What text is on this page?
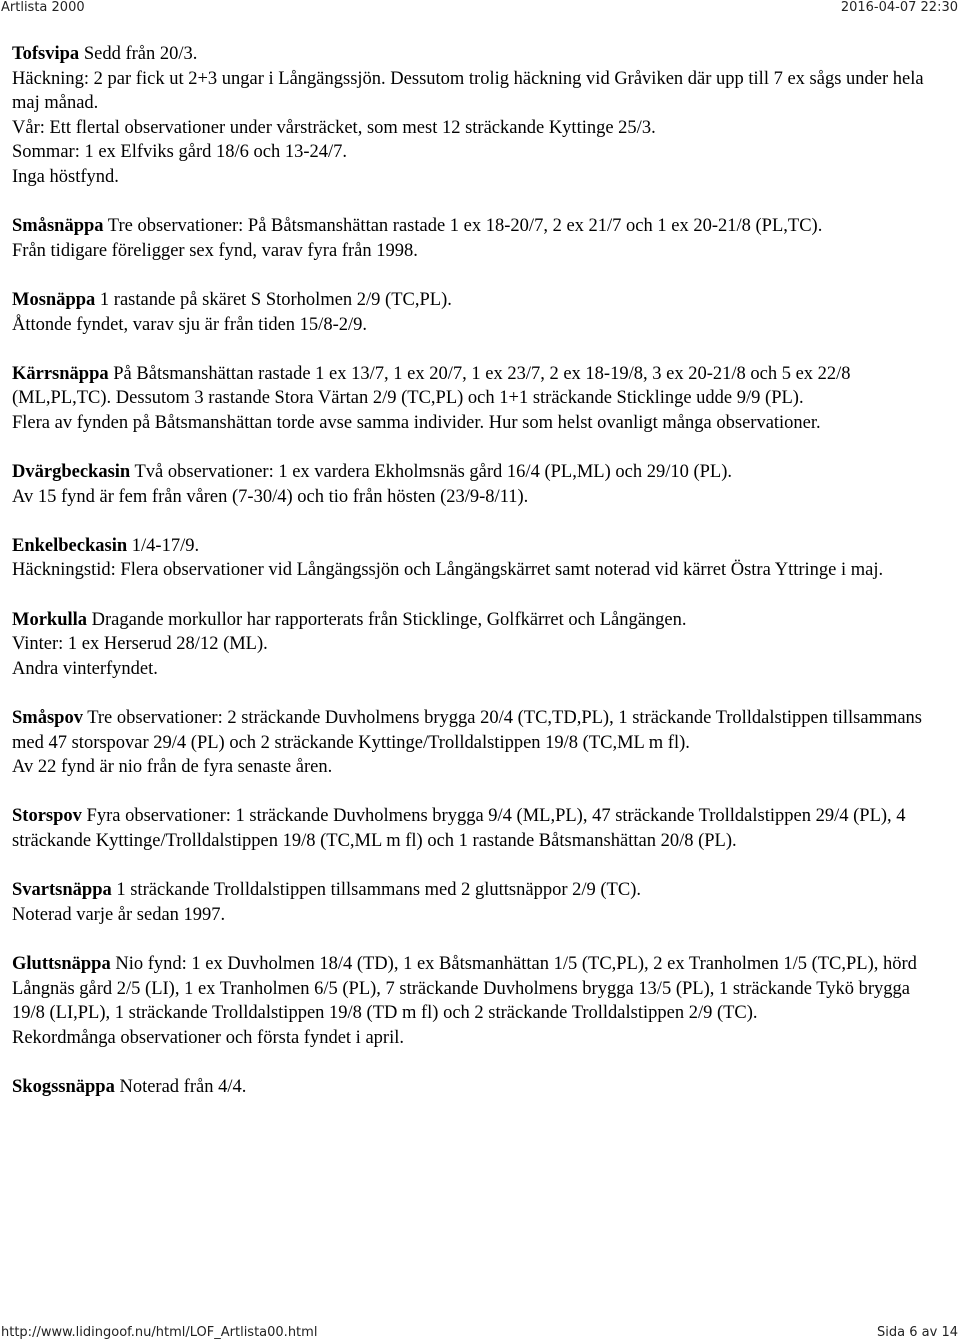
Artlista 2000	2016-04-07 22:30
Tofsvipa Sedd från 20/3.
Häckning: 2 par fick ut 2+3 ungar i Långängssjön. Dessutom trolig häckning vid Gråviken där upp till 7 ex sågs under hela maj månad.
Vår: Ett flertal observationer under vårsträcket, som mest 12 sträckande Kyttinge 25/3.
Sommar: 1 ex Elfviks gård 18/6 och 13-24/7.
Inga höstfynd.
Småsnäppa Tre observationer: På Båtsmanshättan rastade 1 ex 18-20/7, 2 ex 21/7 och 1 ex 20-21/8 (PL,TC).
Från tidigare föreligger sex fynd, varav fyra från 1998.
Mosnäppa 1 rastande på skäret S Storholmen 2/9 (TC,PL).
Åttonde fyndet, varav sju är från tiden 15/8-2/9.
Kärrsnäppa På Båtsmanshättan rastade 1 ex 13/7, 1 ex 20/7, 1 ex 23/7, 2 ex 18-19/8, 3 ex 20-21/8 och 5 ex 22/8 (ML,PL,TC). Dessutom 3 rastande Stora Värtan 2/9 (TC,PL) och 1+1 sträckande Sticklinge udde 9/9 (PL).
Flera av fynden på Båtsmanshättan torde avse samma individer. Hur som helst ovanligt många observationer.
Dvärgbeckasin Två observationer: 1 ex vardera Ekholmsnäs gård 16/4 (PL,ML) och 29/10 (PL).
Av 15 fynd är fem från våren (7-30/4) och tio från hösten (23/9-8/11).
Enkelbeckasin 1/4-17/9.
Häckningstid: Flera observationer vid Långängssjön och Långängskärret samt noterad vid kärret Östra Yttringe i maj.
Morkulla Dragande morkullor har rapporterats från Sticklinge, Golfkärret och Långängen.
Vinter: 1 ex Herserud 28/12 (ML).
Andra vinterfyndet.
Småspov Tre observationer: 2 sträckande Duvholmens brygga 20/4 (TC,TD,PL), 1 sträckande Trolldalstippen tillsammans med 47 storspovar 29/4 (PL) och 2 sträckande Kyttinge/Trolldalstippen 19/8 (TC,ML m fl).
Av 22 fynd är nio från de fyra senaste åren.
Storspov Fyra observationer: 1 sträckande Duvholmens brygga 9/4 (ML,PL), 47 sträckande Trolldalstippen 29/4 (PL), 4 sträckande Kyttinge/Trolldalstippen 19/8 (TC,ML m fl) och 1 rastande Båtsmanshättan 20/8 (PL).
Svartsnäppa 1 sträckande Trolldalstippen tillsammans med 2 gluttsnäppor 2/9 (TC).
Noterad varje år sedan 1997.
Gluttsnäppa Nio fynd: 1 ex Duvholmen 18/4 (TD), 1 ex Båtsmanhättan 1/5 (TC,PL), 2 ex Tranholmen 1/5 (TC,PL), hörd Långnäs gård 2/5 (LI), 1 ex Tranholmen 6/5 (PL), 7 sträckande Duvholmens brygga 13/5 (PL), 1 sträckande Tykö brygga 19/8 (LI,PL), 1 sträckande Trolldalstippen 19/8 (TD m fl) och 2 sträckande Trolldalstippen 2/9 (TC).
Rekordmånga observationer och första fyndet i april.
Skogssnäppa Noterad från 4/4.
http://www.lidingoof.nu/html/LOF_Artlista00.html	Sida 6 av 14
